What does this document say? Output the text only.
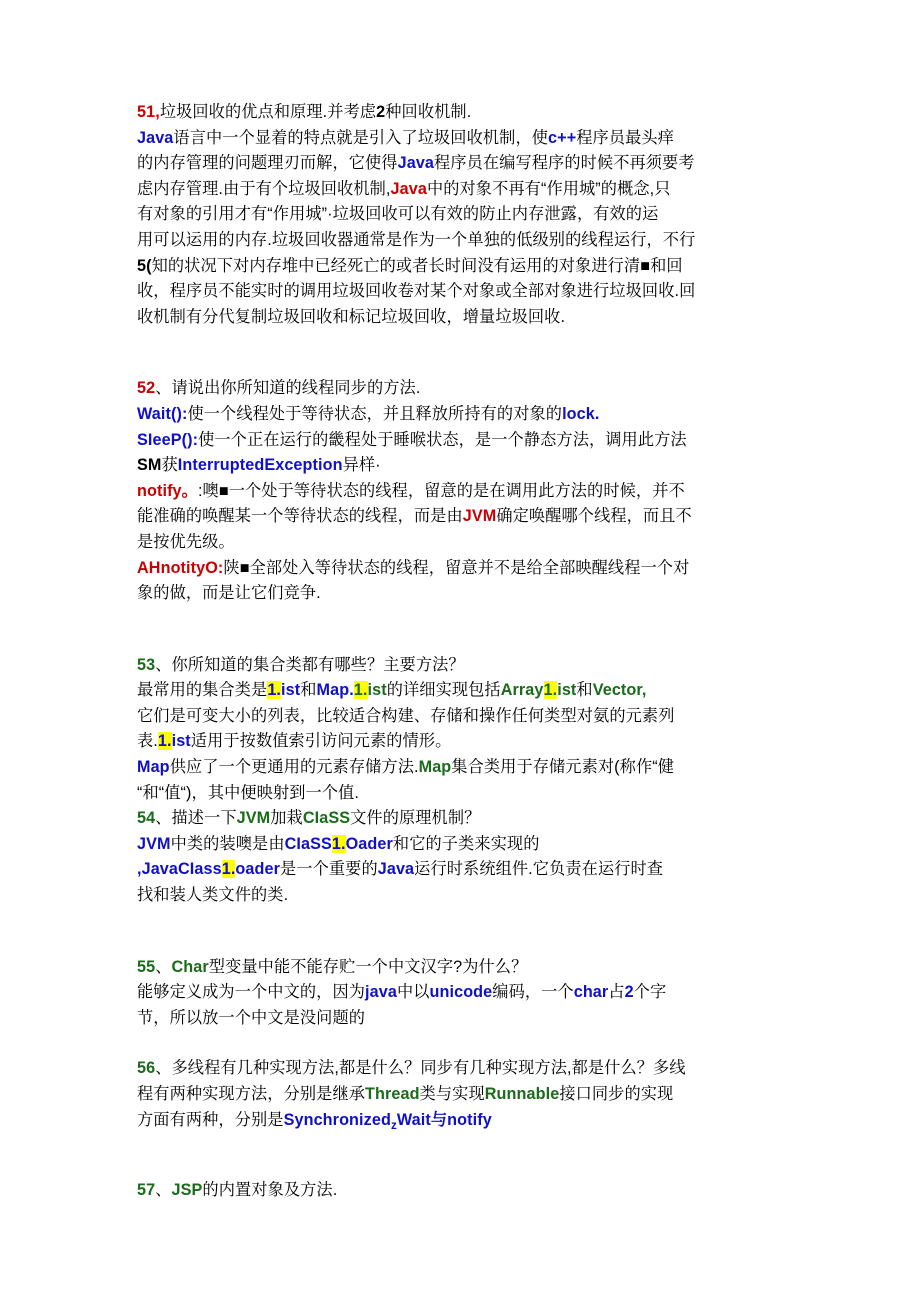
51,垃圾回收的优点和原理.并考虑2种回收机制.

Java语言中一个显着的特点就是引入了垃圾回收机制，使c++程序员最头痒

的内存管理的问题理刃而解，它使得Java程序员在编写程序的时候不再须要考

虑内存管理.由于有个垃圾回收机制,Java中的对象不再有“作用城”的概念,只

有对象的引用才有“作用城”·垃圾回收可以有效的防止内存泄露，有效的运

用可以运用的内存.垃圾回收器通常是作为一个单独的低级别的线程运行，不行

5(知的状况下对内存堆中已经死亡的或者长时间没有运用的对象进行清■和回

收，程序员不能实时的调用垃圾回收卷对某个对象或全部对象进行垃圾回收.回

收机制有分代复制垃圾回收和标记垃圾回收，增量垃圾回收.

52、请说出你所知道的线程同步的方法.

Wait():使一个线程处于等待状态，并且释放所持有的对象的lock.

SIeeP():使一个正在运行的畿程处于睡喉状态，是一个静态方法，调用此方法

SM获InterruptedException异样·

notify。:噢■一个处于等待状态的线程，留意的是在调用此方法的时候，并不

能准确的唤醒某一个等待状态的线程，而是由JVM确定唤醒哪个线程，而且不

是按优先级。

AHnotityO:陕■全部处入等待状态的线程，留意并不是给全部映醒线程一个对

象的做，而是让它们竞争.

53、你所知道的集合类都有哪些？主要方法？

最常用的集合类是1.ist和Map.1.ist的详细实现包括Array1.ist和Vector,

它们是可变大小的列表，比较适合构建、存储和操作任何类型对氨的元素列

表.1.ist适用于按数值索引访问元素的情形。

Map供应了一个更通用的元素存储方法.Map集合类用于存储元素对(称作“健

“和“值“)，其中便映射到一个值.

54、描述一下JVM加栽CIaSS文件的原理机制？

JVM中类的装噢是由CIaSS1.Oader和它的子类来实现的

,JavaCIass1.oader是一个重要的Java运行时系统组件.它负责在运行时查

找和装人类文件的类.

55、Char型变量中能不能存贮一个中文汉字?为什么？

能够定义成为一个中文的，因为java中以unicode编码，一个char占2个字

节，所以放一个中文是没问题的

56、多线程有几种实现方法,都是什么？同步有几种实现方法,都是什么？多线

程有两种实现方法，分别是继承Thread类与实现Runnable接口同步的实现

方面有两种，分别是Synchronized$_z$Wait与notify

57、JSP的内置对象及方法.
